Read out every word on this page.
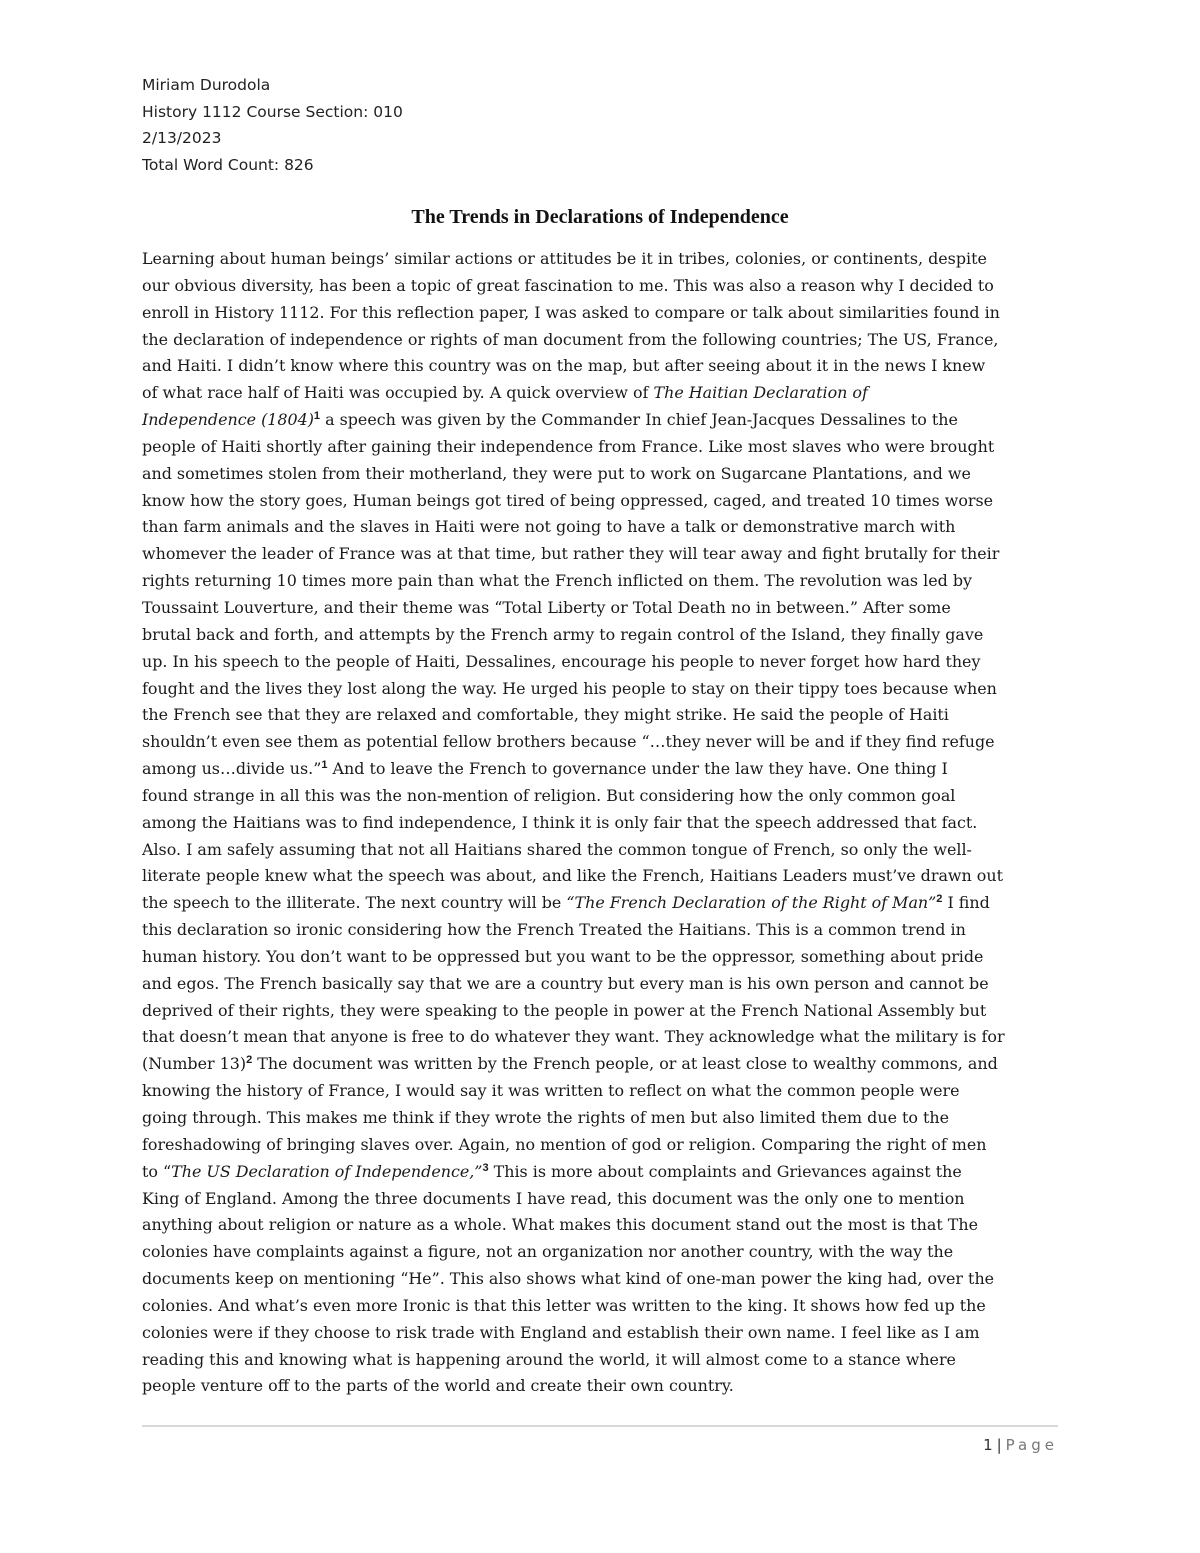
Miriam Durodola
History 1112 Course Section: 010
2/13/2023
Total Word Count: 826
The Trends in Declarations of Independence
Learning about human beings’ similar actions or attitudes be it in tribes, colonies, or continents, despite
our obvious diversity, has been a topic of great fascination to me. This was also a reason why I decided to
enroll in History 1112. For this reflection paper, I was asked to compare or talk about similarities found in
the declaration of independence or rights of man document from the following countries; The US, France,
and Haiti. I didn’t know where this country was on the map, but after seeing about it in the news I knew
of what race half of Haiti was occupied by. A quick overview of The Haitian Declaration of
Independence $(1804)^1$ a speech was given by the Commander In chief Jean-Jacques Dessalines to the
people of Haiti shortly after gaining their independence from France. Like most slaves who were brought
and sometimes stolen from their motherland, they were put to work on Sugarcane Plantations, and we
know how the story goes, Human beings got tired of being oppressed, caged, and treated 10 times worse
than farm animals and the slaves in Haiti were not going to have a talk or demonstrative march with
whomever the leader of France was at that time, but rather they will tear away and fight brutally for their
rights returning 10 times more pain than what the French inflicted on them. The revolution was led by
Toussaint Louverture, and their theme was “Total Liberty or Total Death no in between.” After some
brutal back and forth, and attempts by the French army to regain control of the Island, they finally gave
up. In his speech to the people of Haiti, Dessalines, encourage his people to never forget how hard they
fought and the lives they lost along the way. He urged his people to stay on their tippy toes because when
the French see that they are relaxed and comfortable, they might strike. He said the people of Haiti
shouldn’t even see them as potential fellow brothers because “…they never will be and if they find refuge
among us…divide us.”$^1$ And to leave the French to governance under the law they have. One thing I
found strange in all this was the non-mention of religion. But considering how the only common goal
among the Haitians was to find independence, I think it is only fair that the speech addressed that fact.
Also. I am safely assuming that not all Haitians shared the common tongue of French, so only the well-
literate people knew what the speech was about, and like the French, Haitians Leaders must’ve drawn out
the speech to the illiterate. The next country will be “The French Declaration of the Right of Man”$^2$ I find
this declaration so ironic considering how the French Treated the Haitians. This is a common trend in
human history. You don’t want to be oppressed but you want to be the oppressor, something about pride
and egos. The French basically say that we are a country but every man is his own person and cannot be
deprived of their rights, they were speaking to the people in power at the French National Assembly but
that doesn’t mean that anyone is free to do whatever they want. They acknowledge what the military is for
(Number 13)$^2$ The document was written by the French people, or at least close to wealthy commons, and
knowing the history of France, I would say it was written to reflect on what the common people were
going through. This makes me think if they wrote the rights of men but also limited them due to the
foreshadowing of bringing slaves over. Again, no mention of god or religion. Comparing the right of men
to “The US Declaration of Independence,”$^3$ This is more about complaints and Grievances against the
King of England. Among the three documents I have read, this document was the only one to mention
anything about religion or nature as a whole. What makes this document stand out the most is that The
colonies have complaints against a figure, not an organization nor another country, with the way the
documents keep on mentioning “He”. This also shows what kind of one-man power the king had, over the
colonies. And what’s even more Ironic is that this letter was written to the king. It shows how fed up the
colonies were if they choose to risk trade with England and establish their own name. I feel like as I am
reading this and knowing what is happening around the world, it will almost come to a stance where
people venture off to the parts of the world and create their own country.
1 | Page
